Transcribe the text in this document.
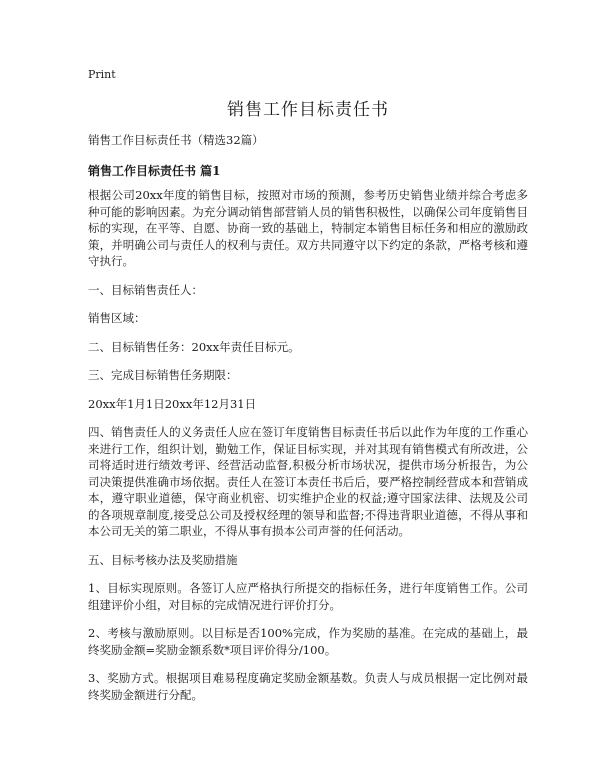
Print
销售工作目标责任书
销售工作目标责任书（精选32篇）
销售工作目标责任书 篇1

根据公司20xx年度的销售目标，按照对市场的预测，参考历史销售业绩并综合考虑多种可能的影响因素。为充分调动销售部营销人员的销售积极性，以确保公司年度销售目标的实现，在平等、自愿、协商一致的基础上，特制定本销售目标任务和相应的激励政策，并明确公司与责任人的权利与责任。双方共同遵守以下约定的条款，严格考核和遵守执行。

一、目标销售责任人：

销售区域：

二、目标销售任务：20xx年责任目标元。

三、完成目标销售任务期限：

20xx年1月1日20xx年12月31日

四、销售责任人的义务责任人应在签订年度销售目标责任书后以此作为年度的工作重心来进行工作，组织计划，勤勉工作，保证目标实现，并对其现有销售模式有所改进，公司将适时进行绩效考评、经营活动监督,积极分析市场状况，提供市场分析报告，为公司决策提供准确市场依据。责任人在签订本责任书后后，要严格控制经营成本和营销成本，遵守职业道德，保守商业机密、切实维护企业的权益;遵守国家法律、法规及公司的各项规章制度,接受总公司及授权经理的领导和监督;不得违背职业道德，不得从事和本公司无关的第二职业，不得从事有损本公司声誉的任何活动。

五、目标考核办法及奖励措施

1、目标实现原则。各签订人应严格执行所提交的指标任务，进行年度销售工作。公司组建评价小组，对目标的完成情况进行评价打分。

2、考核与激励原则。以目标是否100%完成，作为奖励的基准。在完成的基础上，最终奖励金额=奖励金额系数*项目评价得分/100。

3、奖励方式。根据项目难易程度确定奖励金额基数。负责人与成员根据一定比例对最终奖励金额进行分配。
